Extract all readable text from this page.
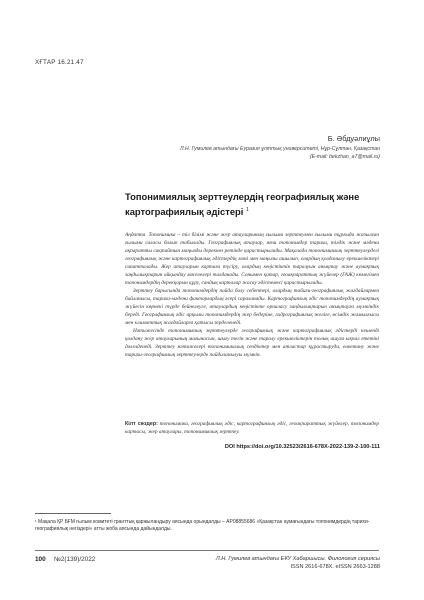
ХҒТАР 16.21.47
Б. Әбдуәлиұлы
Л.Н. Гумилев атындағы Еуразия ұлттық университеті, Нұр-Сұлтан, Қазақстан
(E-mail: bekzhan_a7@mail.ru)
Топонимиялық зерттеулердің географиялық және
картографиялық әдістері $^1$

Аңдатпа. Топонимика – тіл білімі және жер атауларының ғылыми зерттеумен ғылыми тұрғыда жазылған ғылыми саласы болып табылады. Географиялық атаулар, яғни топонимдер тарихи, тілдік және мәдени ақпаратты сақтайтын маңызды дереккөз ретінде қарастырылады. Мақалада топонимиялық зерттеулердегі географиялық және картографиялық әдістердің мәні мен маңызы ашылып, олардың қолданылу ерекшеліктері сипатталады. Жер атауларын картаға түсіру, олардың кеңістіктік таралуын анықтау және аумақтық заңдылықтарын айқындау мәселелері талданады. Сонымен қатар, геоақпараттық жүйелер (ГАЖ) көмегімен топонимдердің дерекқорын құру, сандық карталар жасау әдістемесі қарастырылады.

Зерттеу барысында топонимдердің пайда болу себептері, олардың табиғи-географиялық жағдайлармен байланысы, тарихи-мәдени факторлардың әсері сараланады. Картографиялық әдіс топонимдердің аумақтық жүйесін көрнекі түрде бейнелеуге, атаулардың кеңістікте орналасу заңдылықтарын анықтауға мүмкіндік береді. Географиялық әдіс арқылы топонимдердің жер бедеріне, гидрографиялық желіге, өсімдік жамылғысы мен климаттық жағдайларға қатысы зерделенеді.

Нәтижесінде топонимиялық зерттеулерде географиялық және картографиялық әдістерді кешенді қолдану жер атауларының мағынасын, шығу тегін және таралу ерекшеліктерін толық ашуға ықпал ететіні дәлелденеді. Зерттеу нәтижелері топонимикалық сөздіктер мен атластар құрастыруда, өлкетану және тарихи-географиялық зерттеулерде пайдаланылуы мүмкін.

Кілт сөздер: топонимика, географиялық әдіс, картографиялық әдіс, геоақпараттық жүйелер, топонимдер картасы, жер атаулары, топонимиялық зерттеу.
DOI https://doi.org/10.32523/2616-678X-2022-139-2-100-111
¹ Мақала ҚР БҒМ ғылым комитеті гранттық қаржыландыру аясында орындалды – AP08855686 «Қазақстан аумағындағы топонимдердің тарихи-географиялық негіздері» атты жоба аясында дайындалды.
100 №2(139)/2022	Л.Н. Гумилев атындағы ЕҰУ Хабаршысы. Филология сериясы
ISSN 2616-678X. eISSN 2663-1288
